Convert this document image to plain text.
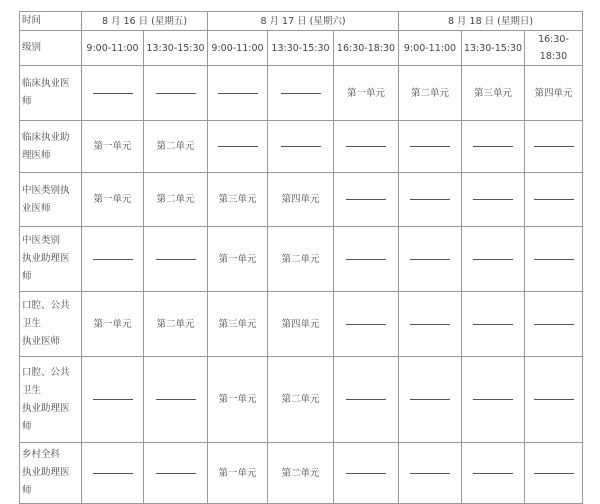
时间	8 月 16 日 (星期五)		8 月 17 日 (星期六)			8 月 18 日 (星期日)		
级别	9:00-11:00	13:30-15:30	9:00-11:00	13:30-15:30	16:30-18:30	9:00-11:00	13:30-15:30	16:30-18:30

临床执业医
师					第一单元	第二单元	第三单元	第四单元

临床执业助
理医师	第一单元	第二单元						

中医类别执
业医师	第一单元	第二单元	第三单元	第四单元				

中医类别
执业助理医
师			第一单元	第二单元				

口腔、公共
卫生
执业医师	第一单元	第二单元	第三单元	第四单元				

口腔、公共
卫生
执业助理医
师			第一单元	第二单元				

乡村全科
执业助理医
师			第一单元	第二单元				
